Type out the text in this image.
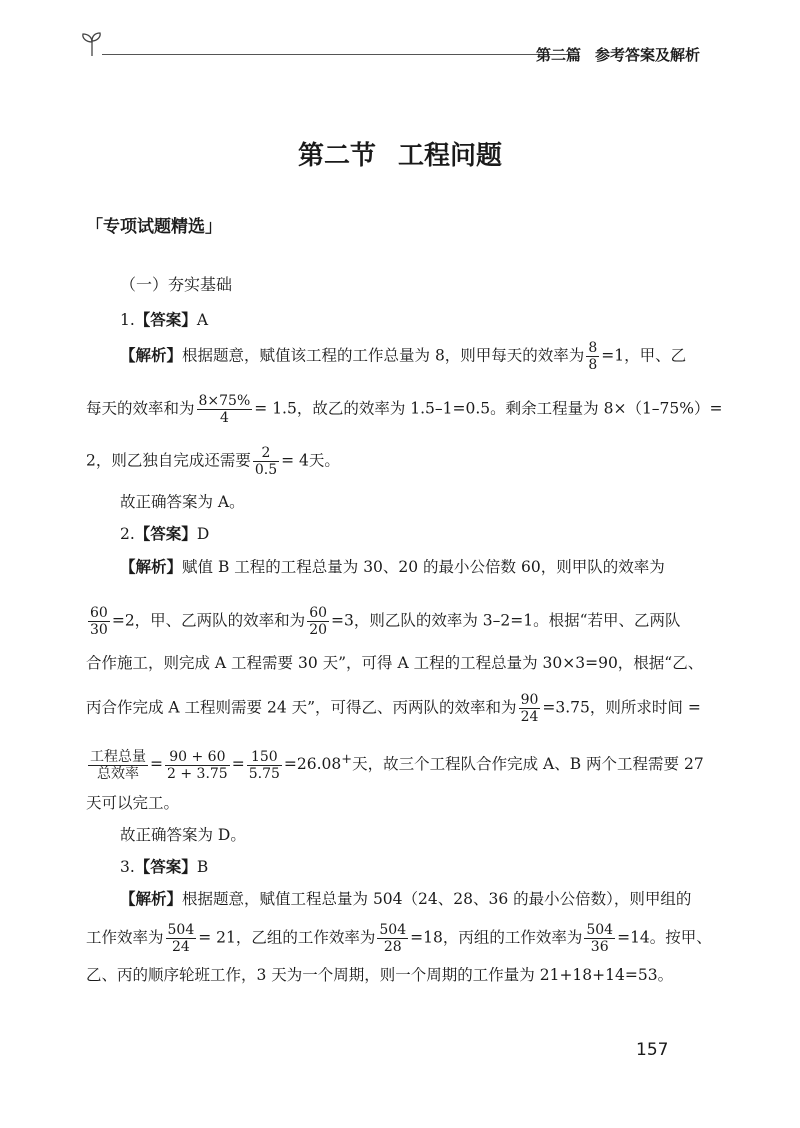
第二篇 参考答案及解析
第二节 工程问题
「专项试题精选」
（一）夯实基础
1.【答案】A
【解析】根据题意，赋值该工程的工作总量为 8，则甲每天的效率为 $\frac{8}{8} =1$，甲、乙
每天的效率和为 $\frac{8\times 75\%}{4} = 1.5$，故乙的效率为 1.5–1=0.5。剩余工程量为 8×（1–75%）=
2，则乙独自完成还需要 $\frac{2}{0.5} = 4$天。
故正确答案为 A。
2.【答案】D
【解析】赋值 B 工程的工程总量为 30、20 的最小公倍数 60，则甲队的效率为
$\frac{60}{30} =2$，甲、乙两队的效率和为 $\frac{60}{20} =3$，则乙队的效率为 3–2=1。根据“若甲、乙两队
合作施工，则完成 A 工程需要 30 天”，可得 A 工程的工程总量为 30×3=90，根据“乙、
丙合作完成 A 工程则需要 24 天”，可得乙、丙两队的效率和为 $\frac{90}{24} =3.75$，则所求时间 =
$\frac{\text{工程总量}}{\text{总效率}} = \frac{90 + 60}{2 + 3.75} = \frac{150}{5.75} =26.08^+$天，故三个工程队合作完成 A、B 两个工程需要 27
天可以完工。
故正确答案为 D。
3.【答案】B
【解析】根据题意，赋值工程总量为 504（24、28、36 的最小公倍数），则甲组的
工作效率为 $\frac{504}{24} = 21$，乙组的工作效率为 $\frac{504}{28} =18$，丙组的工作效率为 $\frac{504}{36} =14$。按甲、
乙、丙的顺序轮班工作，3 天为一个周期，则一个周期的工作量为 21+18+14=53。
157
